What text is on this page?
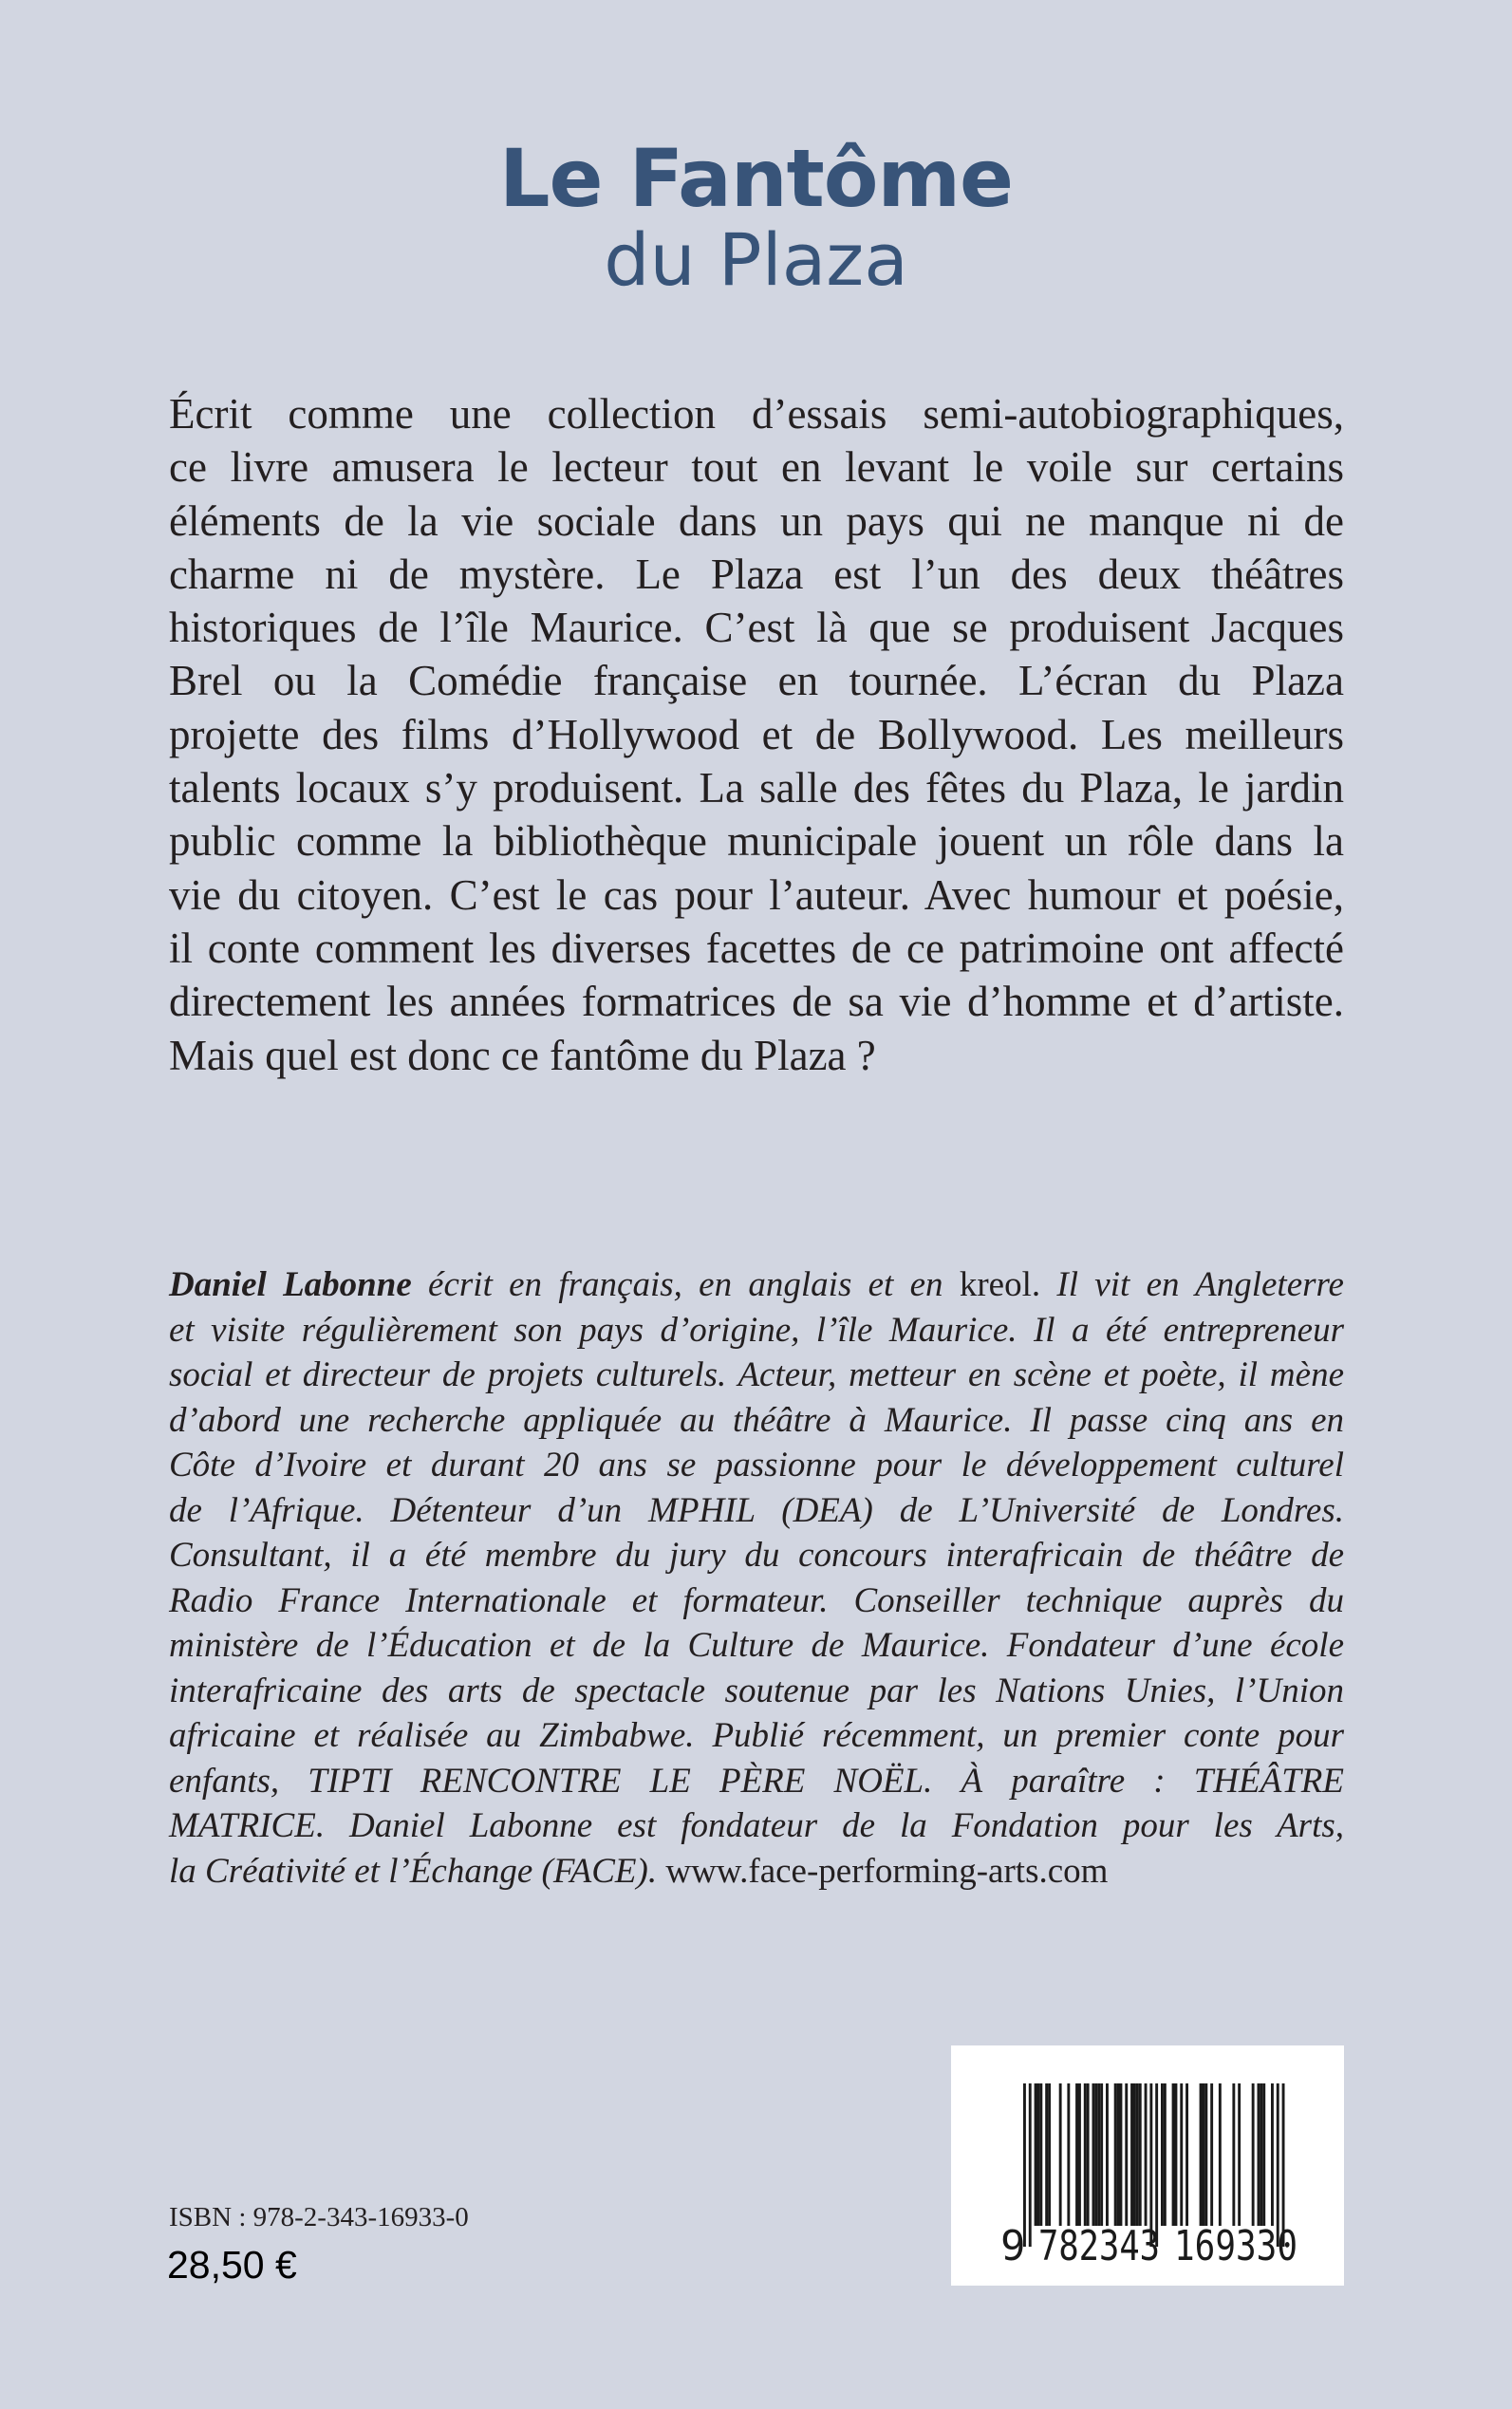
Le Fantôme
du Plaza
Écrit comme une collection d’essais semi-autobiographiques,
ce livre amusera le lecteur tout en levant le voile sur certains
éléments de la vie sociale dans un pays qui ne manque ni de
charme ni de mystère. Le Plaza est l’un des deux théâtres
historiques de l’île Maurice. C’est là que se produisent Jacques
Brel ou la Comédie française en tournée. L’écran du Plaza
projette des films d’Hollywood et de Bollywood. Les meilleurs
talents locaux s’y produisent. La salle des fêtes du Plaza, le jardin
public comme la bibliothèque municipale jouent un rôle dans la
vie du citoyen. C’est le cas pour l’auteur. Avec humour et poésie,
il conte comment les diverses facettes de ce patrimoine ont affecté
directement les années formatrices de sa vie d’homme et d’artiste.
Mais quel est donc ce fantôme du Plaza ?
Daniel Labonne écrit en français, en anglais et en kreol. Il vit en Angleterre
et visite régulièrement son pays d’origine, l’île Maurice. Il a été entrepreneur
social et directeur de projets culturels. Acteur, metteur en scène et poète, il mène
d’abord une recherche appliquée au théâtre à Maurice. Il passe cinq ans en
Côte d’Ivoire et durant 20 ans se passionne pour le développement culturel
de l’Afrique. Détenteur d’un MPHIL (DEA) de L’Université de Londres.
Consultant, il a été membre du jury du concours interafricain de théâtre de
Radio France Internationale et formateur. Conseiller technique auprès du
ministère de l’Éducation et de la Culture de Maurice. Fondateur d’une école
interafricaine des arts de spectacle soutenue par les Nations Unies, l’Union
africaine et réalisée au Zimbabwe. Publié récemment, un premier conte pour
enfants, TIPTI RENCONTRE LE PÈRE NOËL. À paraître : THÉÂTRE
MATRICE. Daniel Labonne est fondateur de la Fondation pour les Arts,
la Créativité et l’Échange (FACE). www.face-performing-arts.com
ISBN : 978-2-343-16933-0
28,50 €	9 782343 169330
